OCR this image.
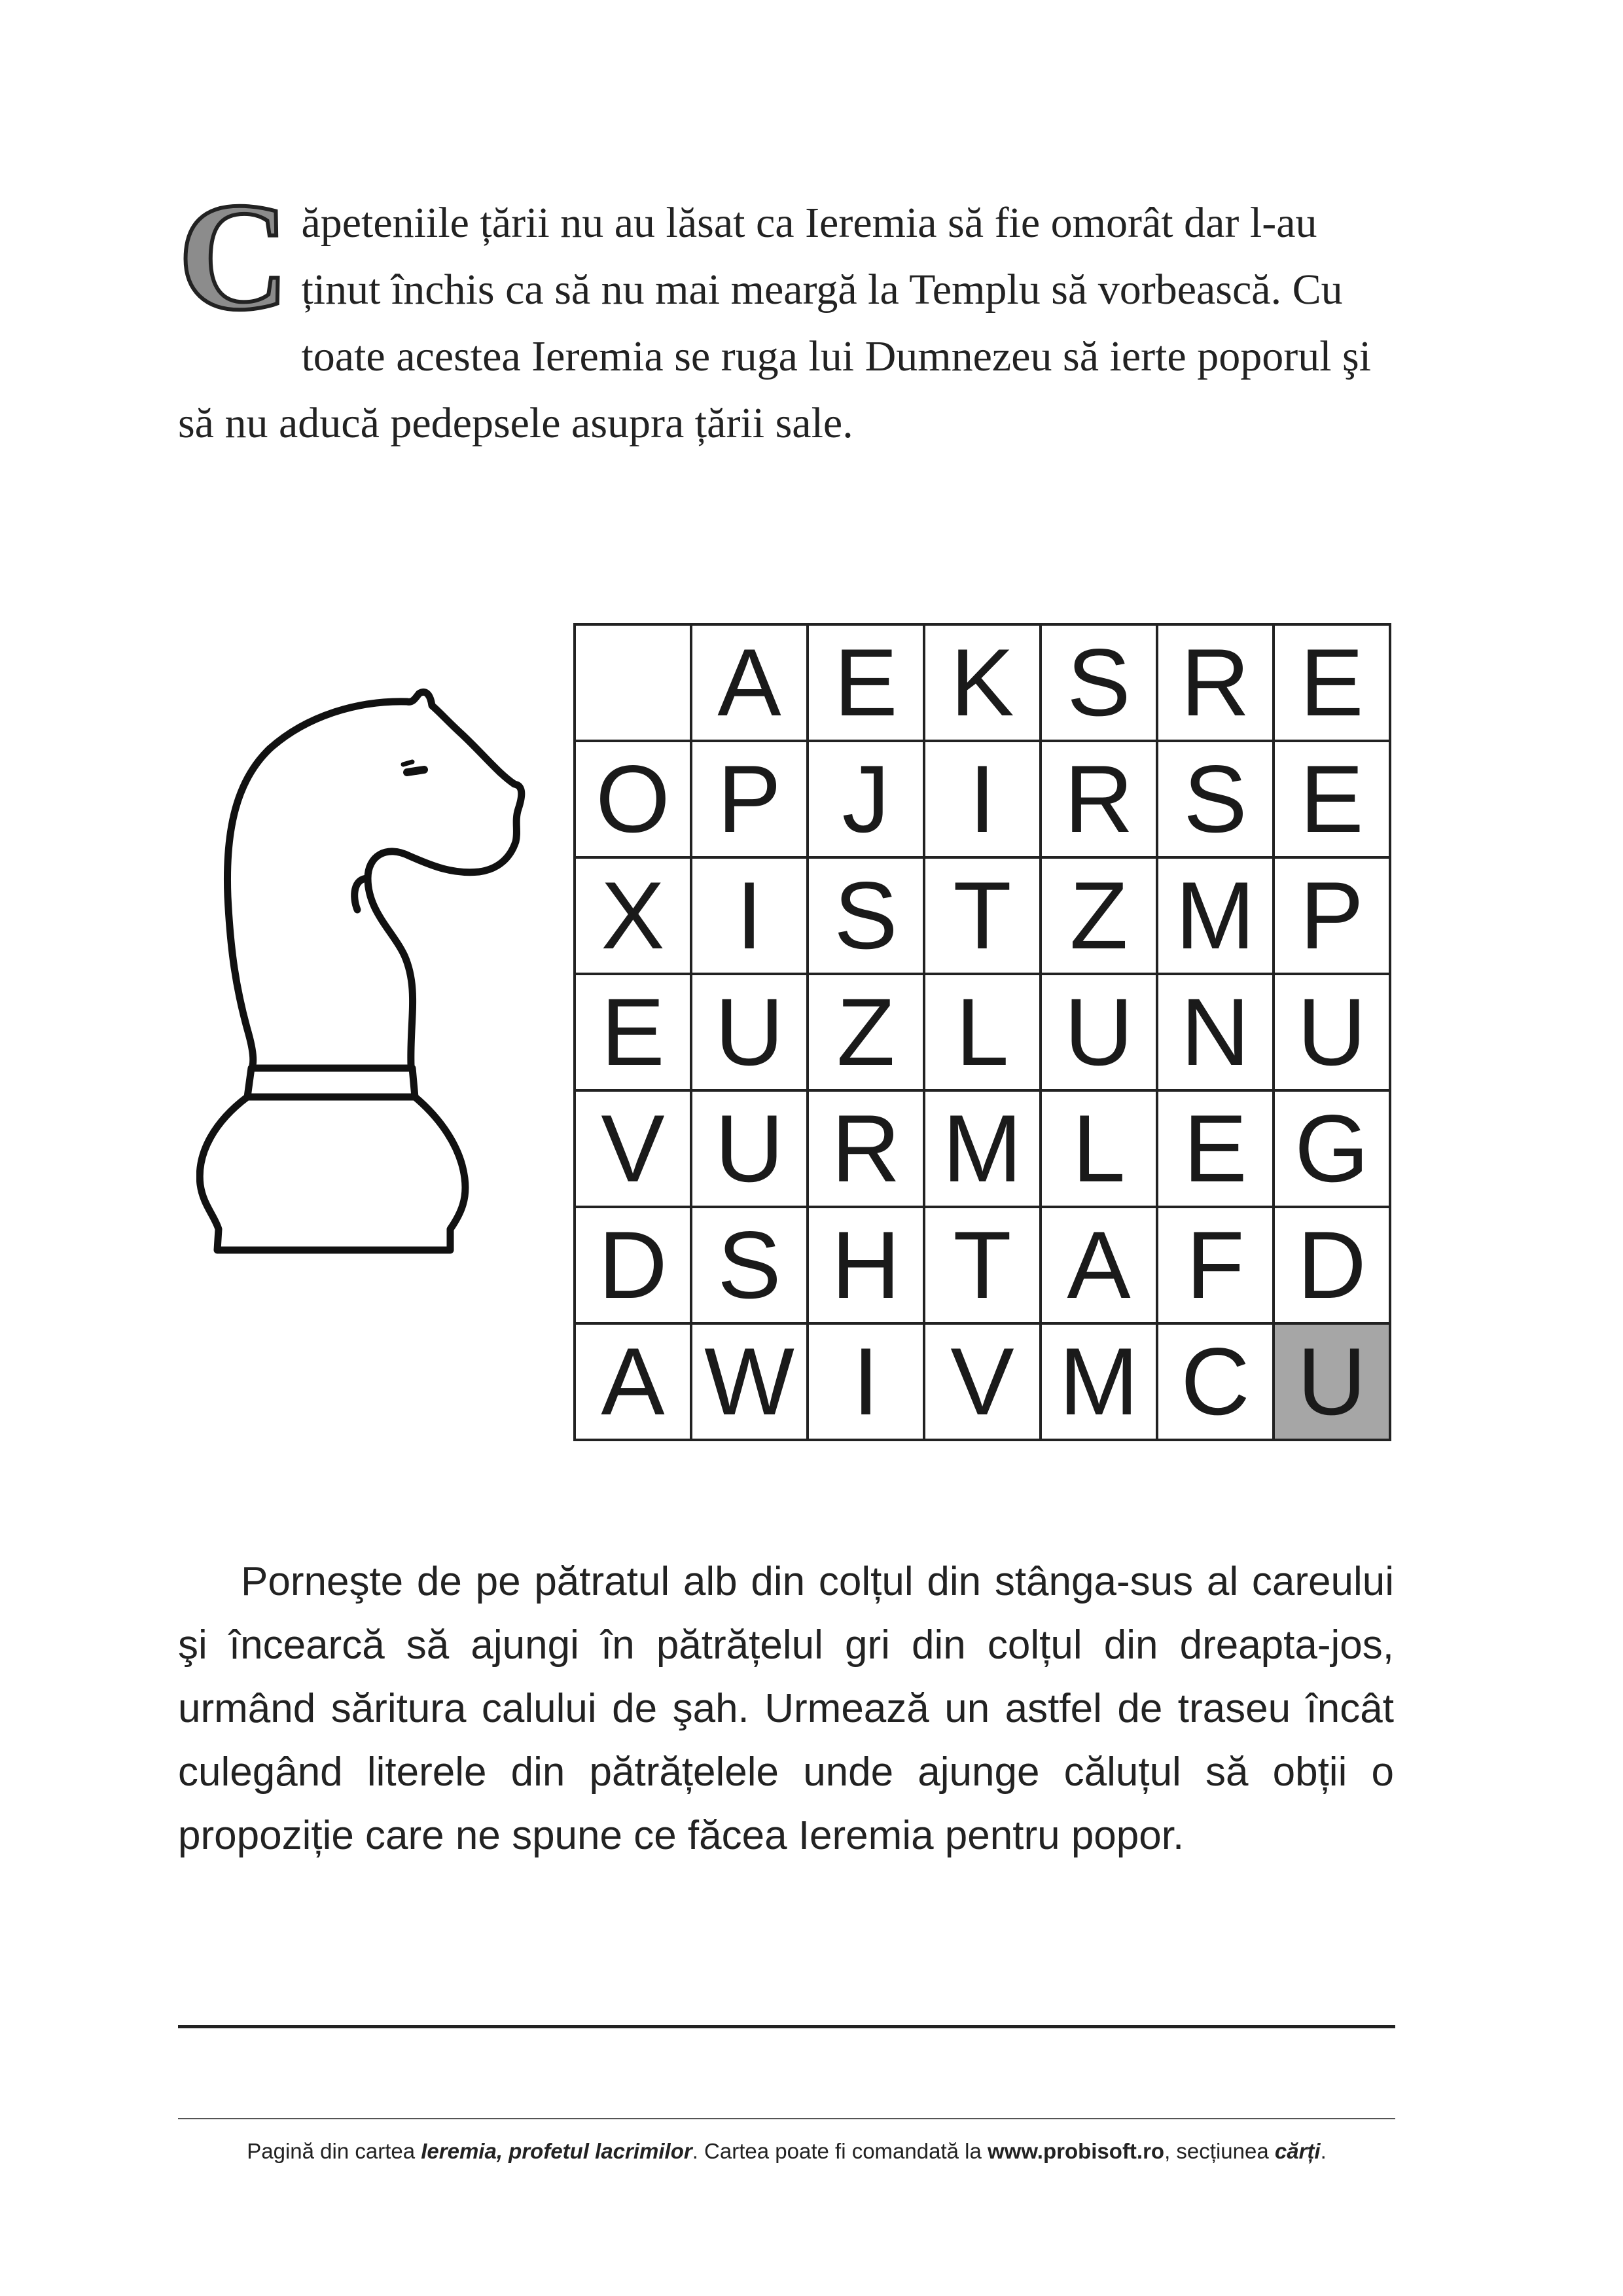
C ăpeteniile țării nu au lăsat ca Ieremia să fie omorât dar l-au ținut închis ca să nu mai meargă la Templu să vorbească. Cu toate acestea Ieremia se ruga lui Dumnezeu să ierte poporul şi să nu aducă pedepsele asupra țării sale.
A E K S R E
O P J I R S E
X I S T Z M P
E U Z L U N U
V U R M L E G
D S H T A F D
A W I V M C U
Porneşte de pe pătratul alb din colțul din stânga-sus al careului şi încearcă să ajungi în pătrățelul gri din colțul din dreapta-jos, urmând săritura calului de şah. Urmează un astfel de traseu încât culegând literele din pătrățelele unde ajunge căluțul să obții o propoziție care ne spune ce făcea Ieremia pentru popor.
Pagină din cartea Ieremia, profetul lacrimilor. Cartea poate fi comandată la www.probisoft.ro, secțiunea cărți.
